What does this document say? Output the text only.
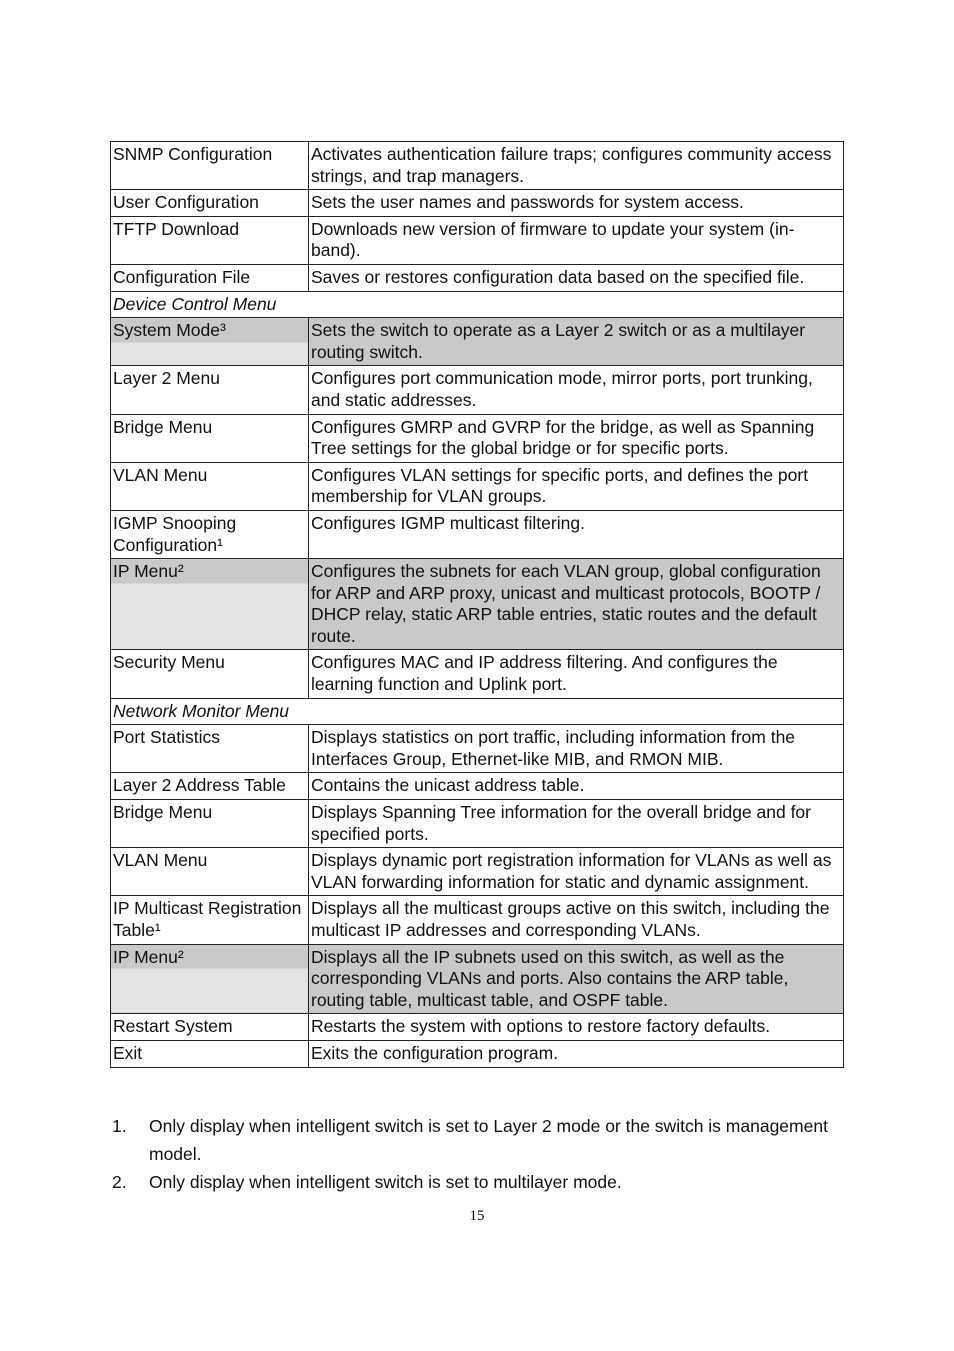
SNMP Configuration	Activates authentication failure traps; configures community access strings, and trap managers.
User Configuration	Sets the user names and passwords for system access.
TFTP Download	Downloads new version of firmware to update your system (in-band).
Configuration File	Saves or restores configuration data based on the specified file.
Device Control Menu	
System Mode³	Sets the switch to operate as a Layer 2 switch or as a multilayer routing switch.
Layer 2 Menu	Configures port communication mode, mirror ports, port trunking, and static addresses.
Bridge Menu	Configures GMRP and GVRP for the bridge, as well as Spanning Tree settings for the global bridge or for specific ports.
VLAN Menu	Configures VLAN settings for specific ports, and defines the port membership for VLAN groups.
IGMP Snooping Configuration¹	Configures IGMP multicast filtering.
IP Menu²	Configures the subnets for each VLAN group, global configuration for ARP and ARP proxy, unicast and multicast protocols, BOOTP / DHCP relay, static ARP table entries, static routes and the default route.
Security Menu	Configures MAC and IP address filtering. And configures the learning function and Uplink port.
Network Monitor Menu	
Port Statistics	Displays statistics on port traffic, including information from the Interfaces Group, Ethernet-like MIB, and RMON MIB.
Layer 2 Address Table	Contains the unicast address table.
Bridge Menu	Displays Spanning Tree information for the overall bridge and for specified ports.
VLAN Menu	Displays dynamic port registration information for VLANs as well as VLAN forwarding information for static and dynamic assignment.
IP Multicast Registration Table¹	Displays all the multicast groups active on this switch, including the multicast IP addresses and corresponding VLANs.
IP Menu²	Displays all the IP subnets used on this switch, as well as the corresponding VLANs and ports. Also contains the ARP table, routing table, multicast table, and OSPF table.
Restart System	Restarts the system with options to restore factory defaults.
Exit	Exits the configuration program.
1. Only display when intelligent switch is set to Layer 2 mode or the switch is management model.
2. Only display when intelligent switch is set to multilayer mode.
15
